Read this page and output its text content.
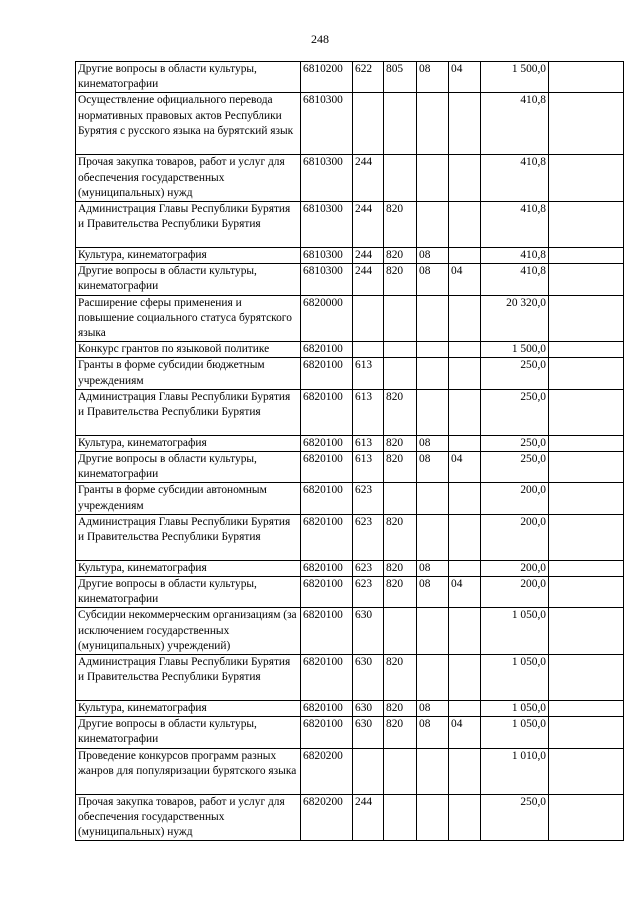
248
Другие вопросы в области культуры, кинематографии	6810200	622	805	08	04	1 500,0	
Осуществление официального перевода нормативных правовых актов Республики Бурятия с русского языка на бурятский язык	6810300					410,8	
Прочая закупка товаров, работ и услуг для обеспечения государственных (муниципальных) нужд	6810300	244				410,8	
Администрация Главы Республики Бурятия и Правительства Республики Бурятия	6810300	244	820			410,8	
Культура, кинематография	6810300	244	820	08		410,8	
Другие вопросы в области культуры, кинематографии	6810300	244	820	08	04	410,8	
Расширение сферы применения и повышение социального статуса бурятского языка	6820000					20 320,0	
Конкурс грантов по языковой политике	6820100					1 500,0	
Гранты в форме субсидии бюджетным учреждениям	6820100	613				250,0	
Администрация Главы Республики Бурятия и Правительства Республики Бурятия	6820100	613	820			250,0	
Культура, кинематография	6820100	613	820	08		250,0	
Другие вопросы в области культуры, кинематографии	6820100	613	820	08	04	250,0	
Гранты в форме субсидии автономным учреждениям	6820100	623				200,0	
Администрация Главы Республики Бурятия и Правительства Республики Бурятия	6820100	623	820			200,0	
Культура, кинематография	6820100	623	820	08		200,0	
Другие вопросы в области культуры, кинематографии	6820100	623	820	08	04	200,0	
Субсидии некоммерческим организациям (за исключением государственных (муниципальных) учреждений)	6820100	630				1 050,0	
Администрация Главы Республики Бурятия и Правительства Республики Бурятия	6820100	630	820			1 050,0	
Культура, кинематография	6820100	630	820	08		1 050,0	
Другие вопросы в области культуры, кинематографии	6820100	630	820	08	04	1 050,0	
Проведение конкурсов программ разных жанров для популяризации бурятского языка	6820200					1 010,0	
Прочая закупка товаров, работ и услуг для обеспечения государственных (муниципальных) нужд	6820200	244				250,0	
